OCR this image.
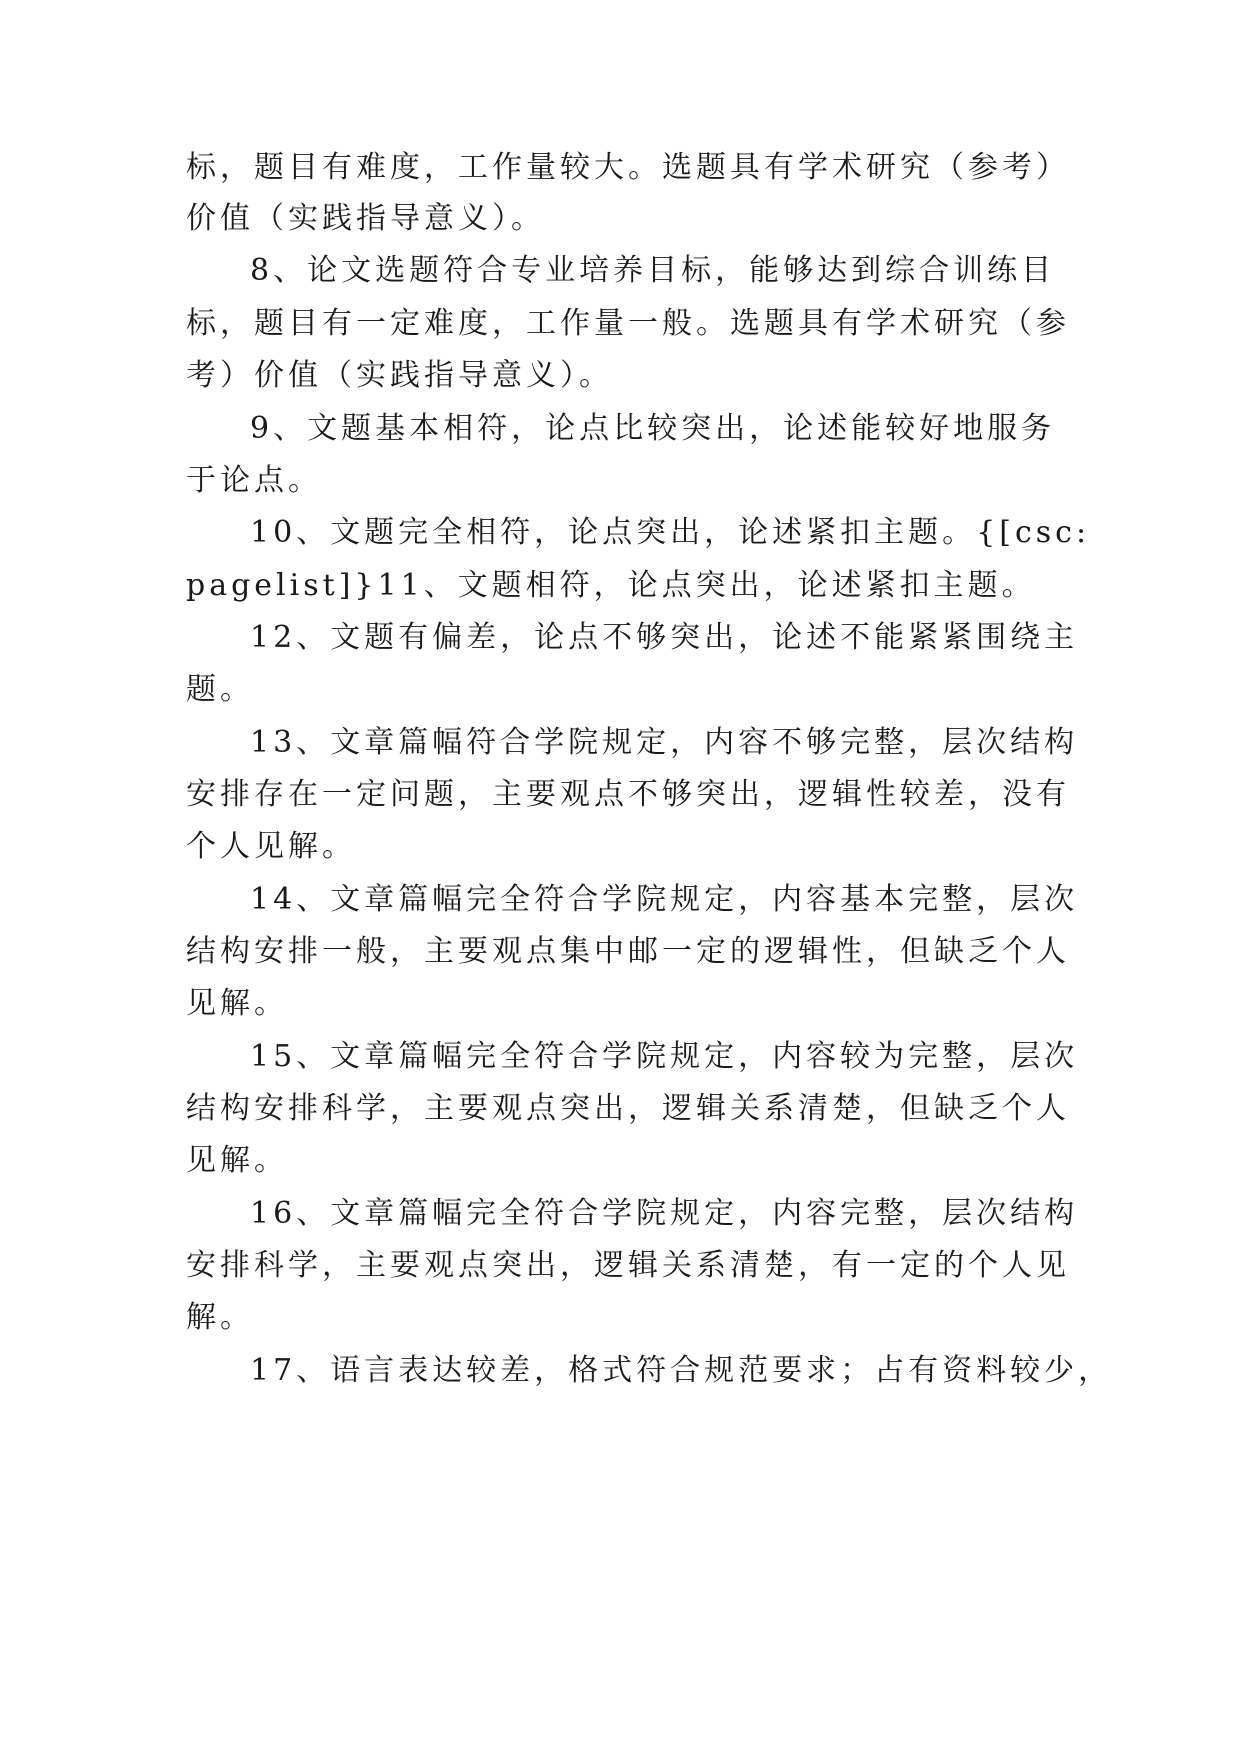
标，题目有难度，工作量较大。选题具有学术研究（参考）
价值（实践指导意义）。
8、论文选题符合专业培养目标，能够达到综合训练目
标，题目有一定难度，工作量一般。选题具有学术研究（参
考）价值（实践指导意义）。
9、文题基本相符，论点比较突出，论述能较好地服务
于论点。
10、文题完全相符，论点突出，论述紧扣主题。{[csc:
pagelist]}11、文题相符，论点突出，论述紧扣主题。
12、文题有偏差，论点不够突出，论述不能紧紧围绕主
题。
13、文章篇幅符合学院规定，内容不够完整，层次结构
安排存在一定问题，主要观点不够突出，逻辑性较差，没有
个人见解。
14、文章篇幅完全符合学院规定，内容基本完整，层次
结构安排一般，主要观点集中邮一定的逻辑性，但缺乏个人
见解。
15、文章篇幅完全符合学院规定，内容较为完整，层次
结构安排科学，主要观点突出，逻辑关系清楚，但缺乏个人
见解。
16、文章篇幅完全符合学院规定，内容完整，层次结构
安排科学，主要观点突出，逻辑关系清楚，有一定的个人见
解。
17、语言表达较差，格式符合规范要求；占有资料较少，
